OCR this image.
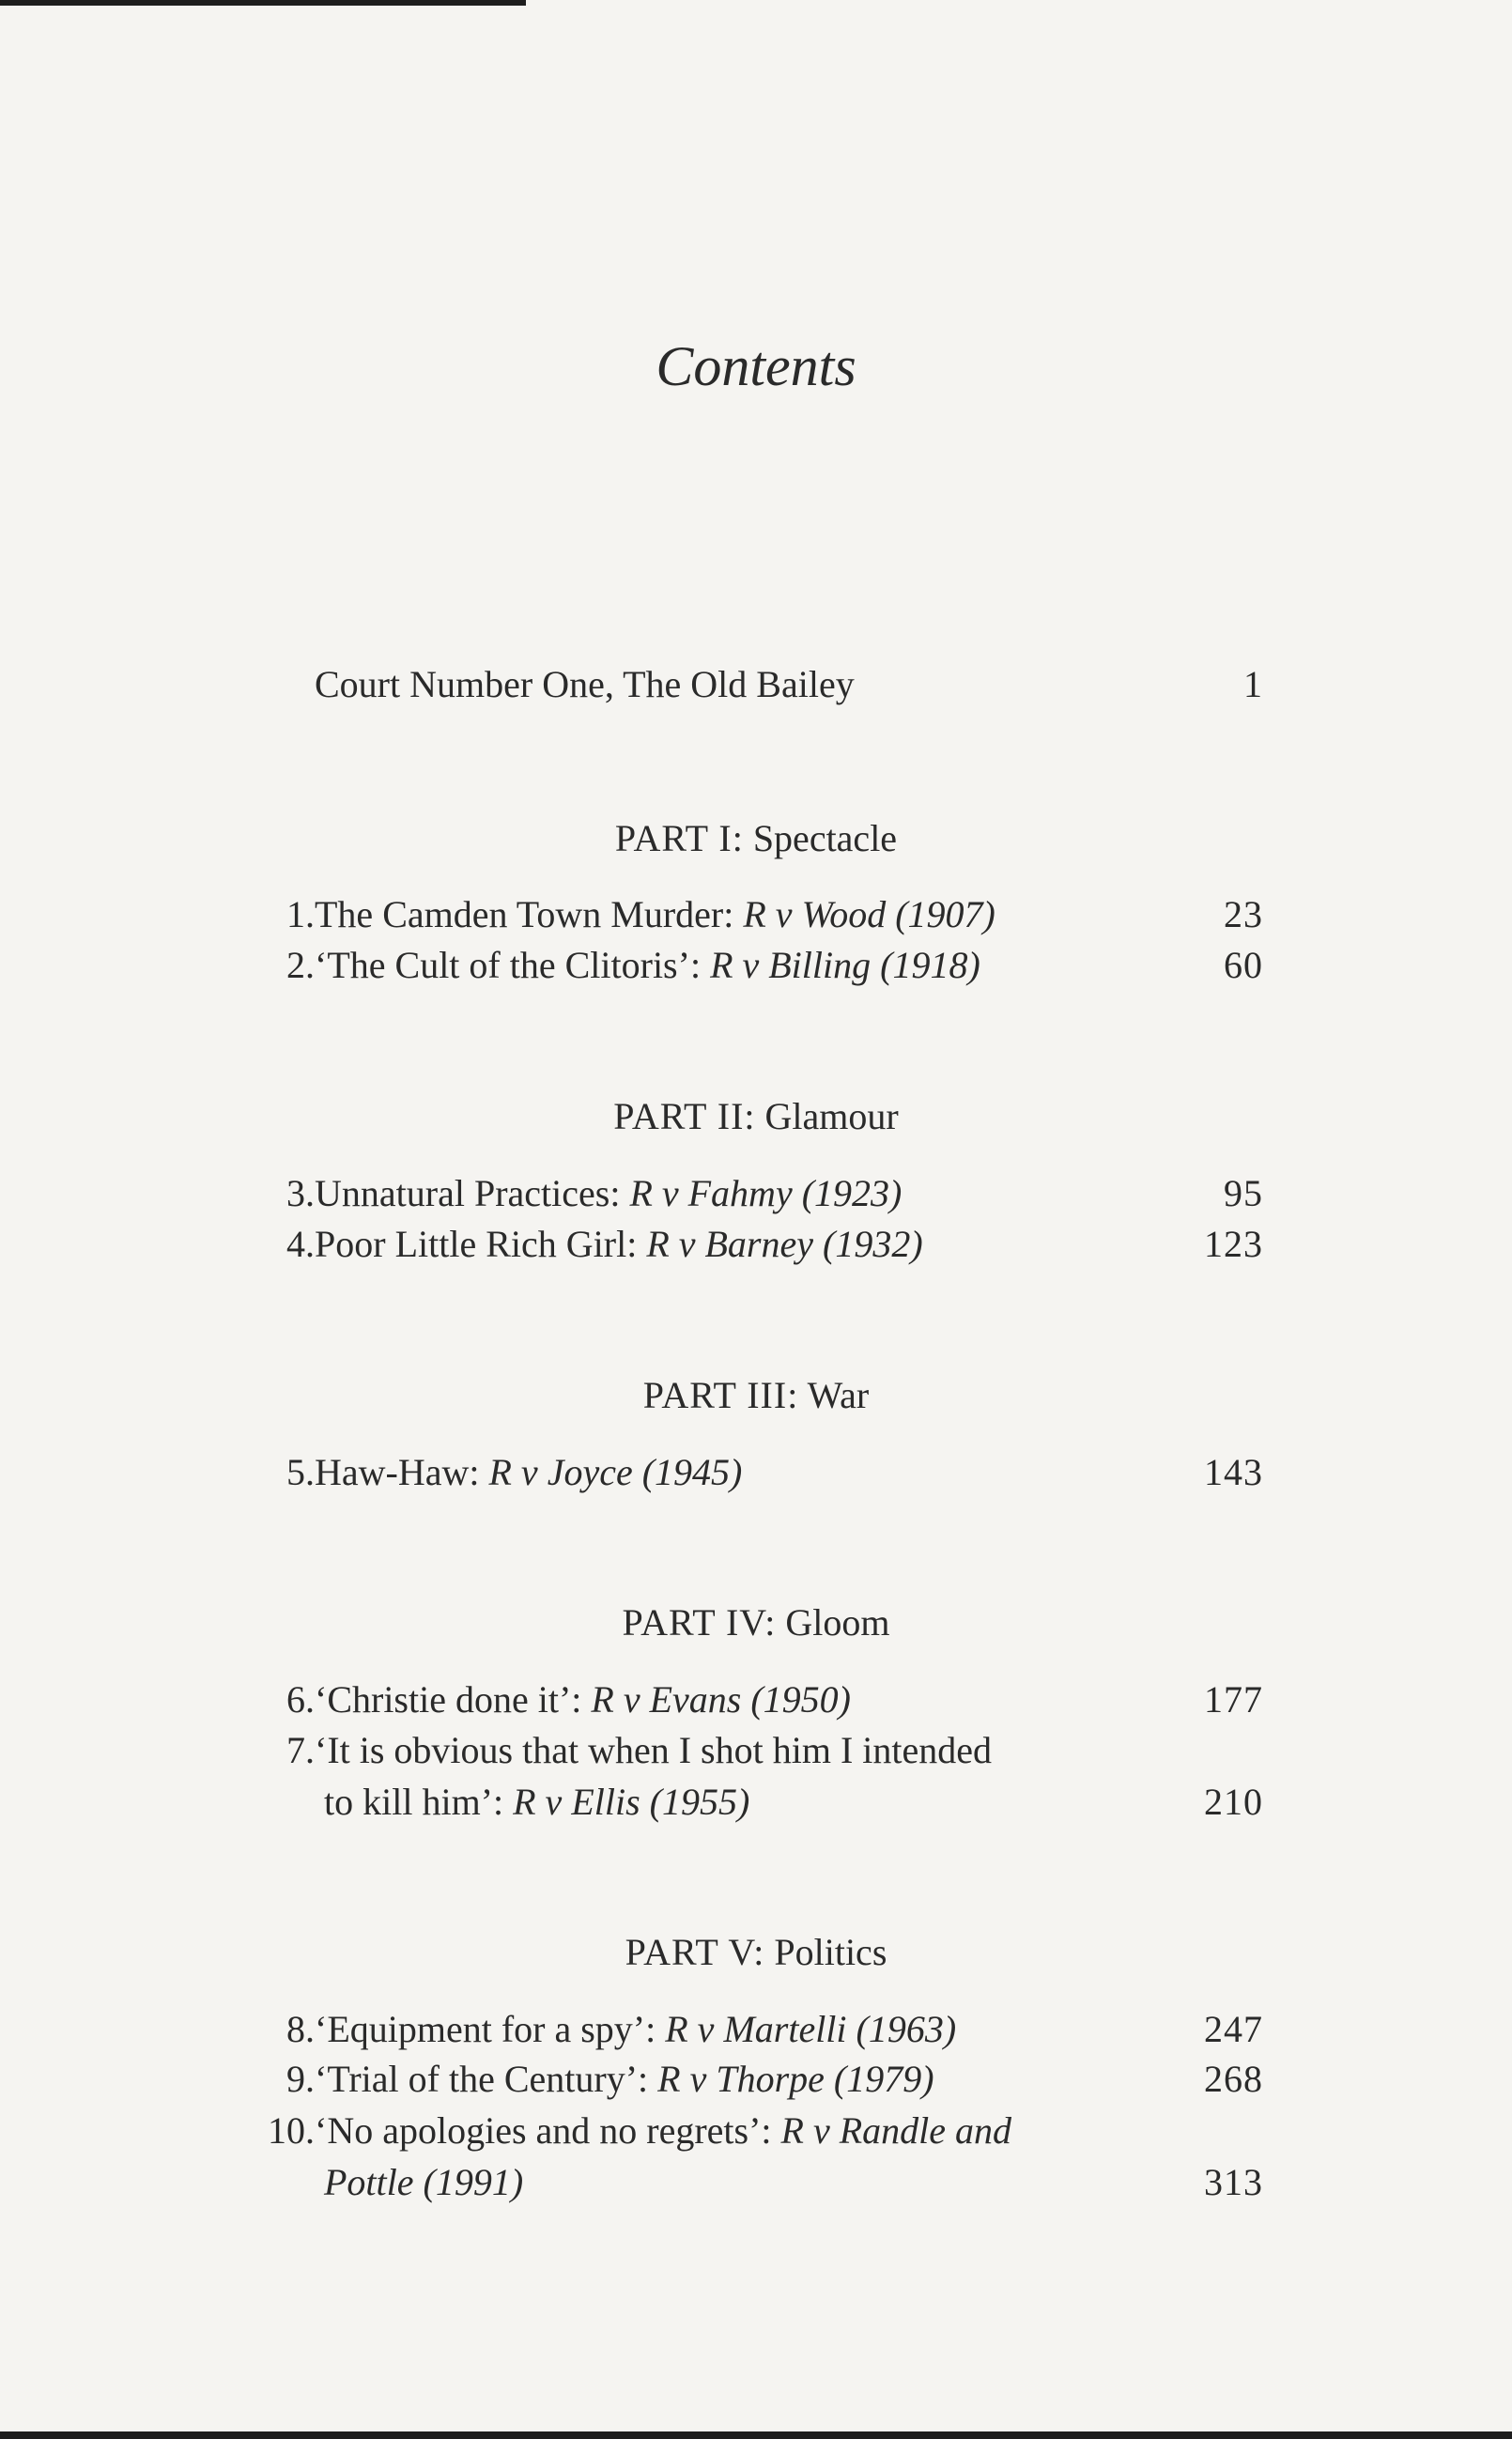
Contents
Court Number One, The Old Bailey	1
PART I: Spectacle
1. The Camden Town Murder: R v Wood (1907)	23
2. ‘The Cult of the Clitoris’: R v Billing (1918)	60
PART II: Glamour
3. Unnatural Practices: R v Fahmy (1923)	95
4. Poor Little Rich Girl: R v Barney (1932)	123
PART III: War
5. Haw-Haw: R v Joyce (1945)	143
PART IV: Gloom
6. ‘Christie done it’: R v Evans (1950)	177
7. ‘It is obvious that when I shot him I intended
to kill him’: R v Ellis (1955)	210
PART V: Politics
8. ‘Equipment for a spy’: R v Martelli (1963)	247
9. ‘Trial of the Century’: R v Thorpe (1979)	268
10. ‘No apologies and no regrets’: R v Randle and
Pottle (1991)	313
